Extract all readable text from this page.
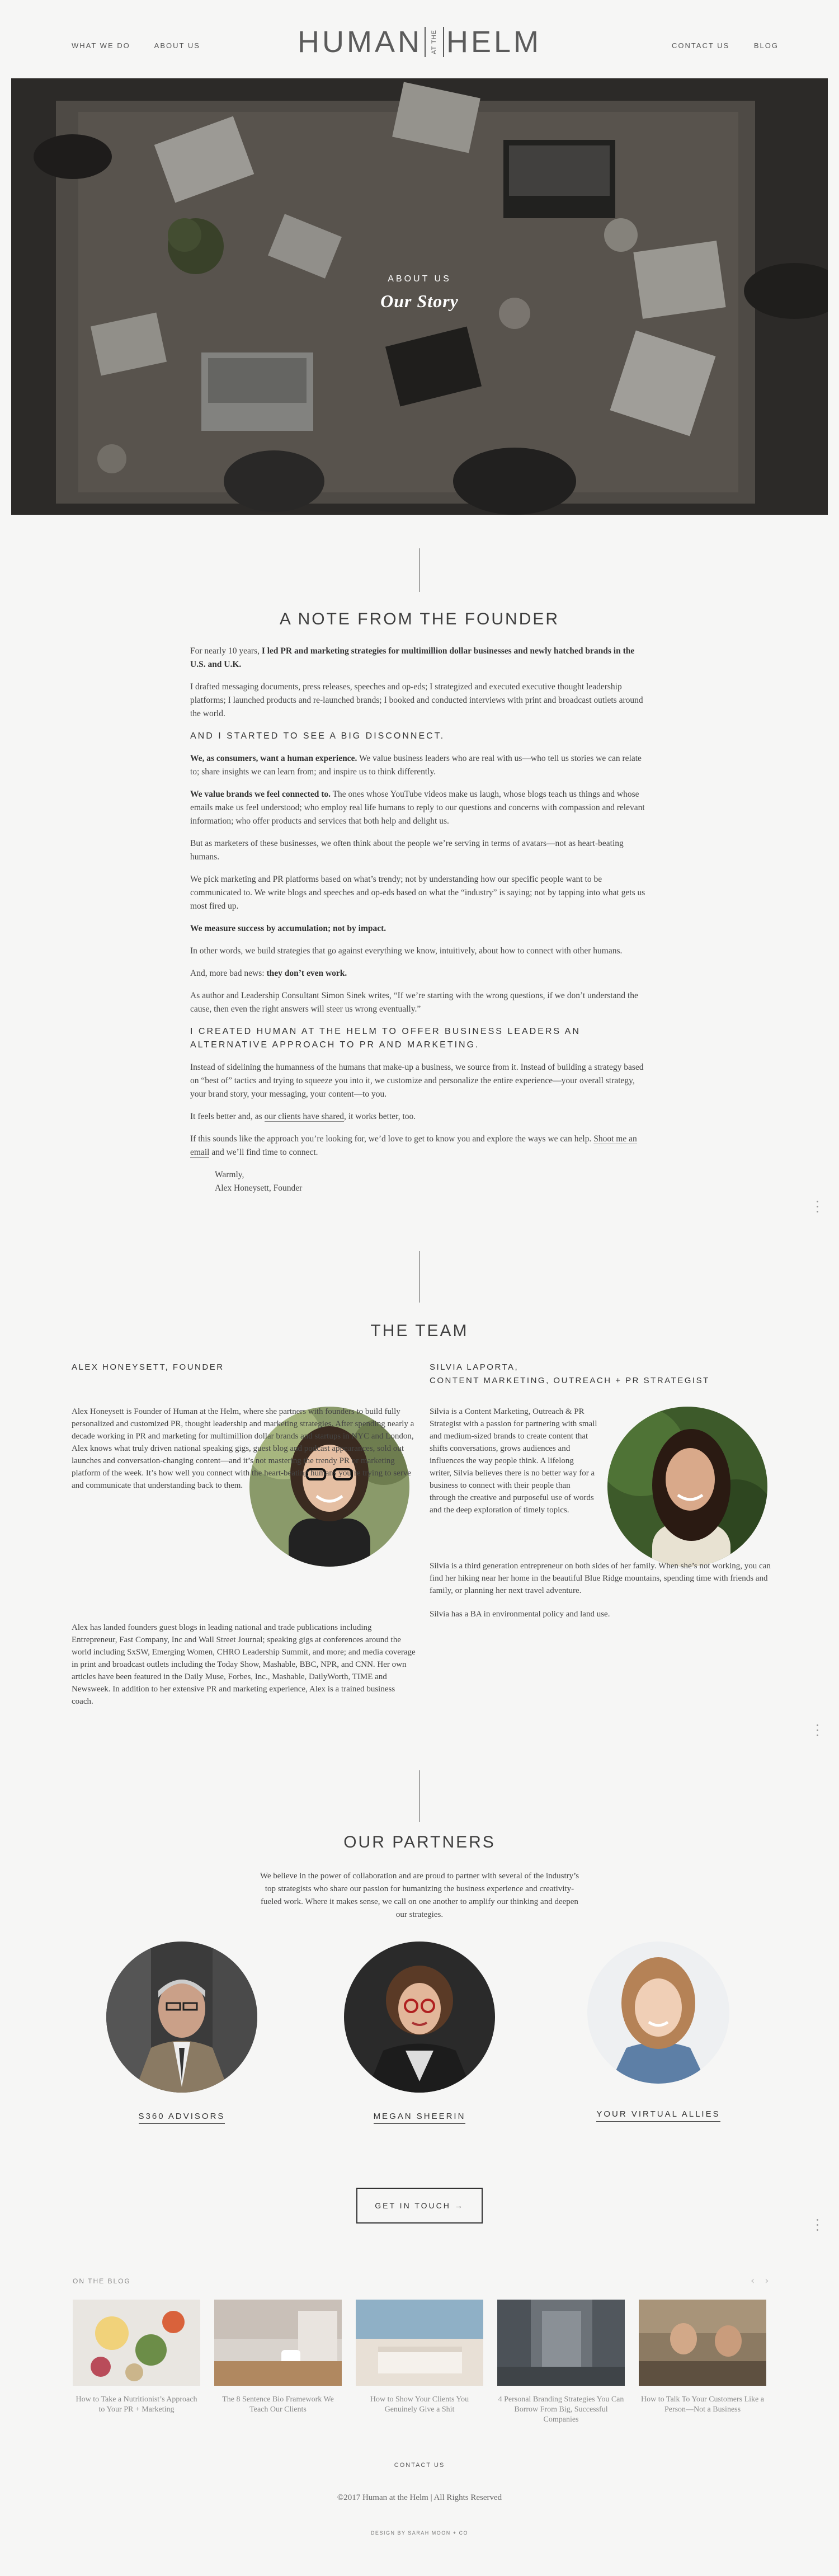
WHAT WE DO	ABOUT US	HUMAN AT THE HELM	CONTACT US	BLOG
ABOUT US
Our Story
A NOTE FROM THE FOUNDER

For nearly 10 years, I led PR and marketing strategies for multimillion dollar businesses and newly hatched brands in the U.S. and U.K.

I drafted messaging documents, press releases, speeches and op-eds; I strategized and executed executive thought leadership platforms; I launched products and re-launched brands; I booked and conducted interviews with print and broadcast outlets around the world.

AND I STARTED TO SEE A BIG DISCONNECT.

We, as consumers, want a human experience. We value business leaders who are real with us—who tell us stories we can relate to; share insights we can learn from; and inspire us to think differently.

We value brands we feel connected to. The ones whose YouTube videos make us laugh, whose blogs teach us things and whose emails make us feel understood; who employ real life humans to reply to our questions and concerns with compassion and relevant information; who offer products and services that both help and delight us.

But as marketers of these businesses, we often think about the people we’re serving in terms of avatars—not as heart-beating humans.

We pick marketing and PR platforms based on what’s trendy; not by understanding how our specific people want to be communicated to. We write blogs and speeches and op-eds based on what the “industry” is saying; not by tapping into what gets us most fired up.

We measure success by accumulation; not by impact.

In other words, we build strategies that go against everything we know, intuitively, about how to connect with other humans.

And, more bad news: they don’t even work.

As author and Leadership Consultant Simon Sinek writes, “If we’re starting with the wrong questions, if we don’t understand the cause, then even the right answers will steer us wrong eventually.”

I CREATED HUMAN AT THE HELM TO OFFER BUSINESS LEADERS AN ALTERNATIVE APPROACH TO PR AND MARKETING.

Instead of sidelining the humanness of the humans that make-up a business, we source from it. Instead of building a strategy based on “best of” tactics and trying to squeeze you into it, we customize and personalize the entire experience—your overall strategy, your brand story, your messaging, your content—to you.

It feels better and, as our clients have shared, it works better, too.

If this sounds like the approach you’re looking for, we’d love to get to know you and explore the ways we can help. Shoot me an email and we’ll find time to connect.

Warmly,
Alex Honeysett, Founder
THE TEAM
ALEX HONEYSETT, FOUNDER	SILVIA LAPORTA,
CONTENT MARKETING, OUTREACH + PR STRATEGIST

Alex Honeysett is Founder of Human at the Helm, where she partners with founders to build fully personalized and customized PR, thought leadership and marketing strategies. After spending nearly a decade working in PR and marketing for multimillion dollar brands and startups in NYC and London, Alex knows what truly driven national speaking gigs, guest blog and podcast appearances, sold out launches and conversation-changing content—and it’s not mastering the trendy PR or marketing platform of the week. It’s how well you connect with the heart-beating humans you’re trying to serve and communicate that understanding back to them.

Alex has landed founders guest blogs in leading national and trade publications including Entrepreneur, Fast Company, Inc and Wall Street Journal; speaking gigs at conferences around the world including SxSW, Emerging Women, CHRO Leadership Summit, and more; and media coverage in print and broadcast outlets including the Today Show, Mashable, BBC, NPR, and CNN. Her own articles have been featured in the Daily Muse, Forbes, Inc., Mashable, DailyWorth, TIME and Newsweek. In addition to her extensive PR and marketing experience, Alex is a trained business coach.

Silvia is a Content Marketing, Outreach & PR Strategist with a passion for partnering with small and medium-sized brands to create content that shifts conversations, grows audiences and influences the way people think. A lifelong writer, Silvia believes there is no better way for a business to connect with their people than through the creative and purposeful use of words and the deep exploration of timely topics.

Silvia is a third generation entrepreneur on both sides of her family. When she’s not working, you can find her hiking near her home in the beautiful Blue Ridge mountains, spending time with friends and family, or planning her next travel adventure.

Silvia has a BA in environmental policy and land use.

OUR PARTNERS
We believe in the power of collaboration and are proud to partner with several of the industry’s top strategists who share our passion for humanizing the business experience and creativity-fueled work. Where it makes sense, we call on one another to amplify our thinking and deepen our strategies.
S360 ADVISORS	MEGAN SHEERIN	YOUR VIRTUAL ALLIES
GET IN TOUCH →
ON THE BLOG	‹ ›
How to Take a Nutritionist’s Approach to Your PR + Marketing
The 8 Sentence Bio Framework We Teach Our Clients
How to Show Your Clients You Genuinely Give a Shit
4 Personal Branding Strategies You Can Borrow From Big, Successful Companies
How to Talk To Your Customers Like a Person—Not a Business
CONTACT US
©2017 Human at the Helm | All Rights Reserved
DESIGN BY SARAH MOON + CO
